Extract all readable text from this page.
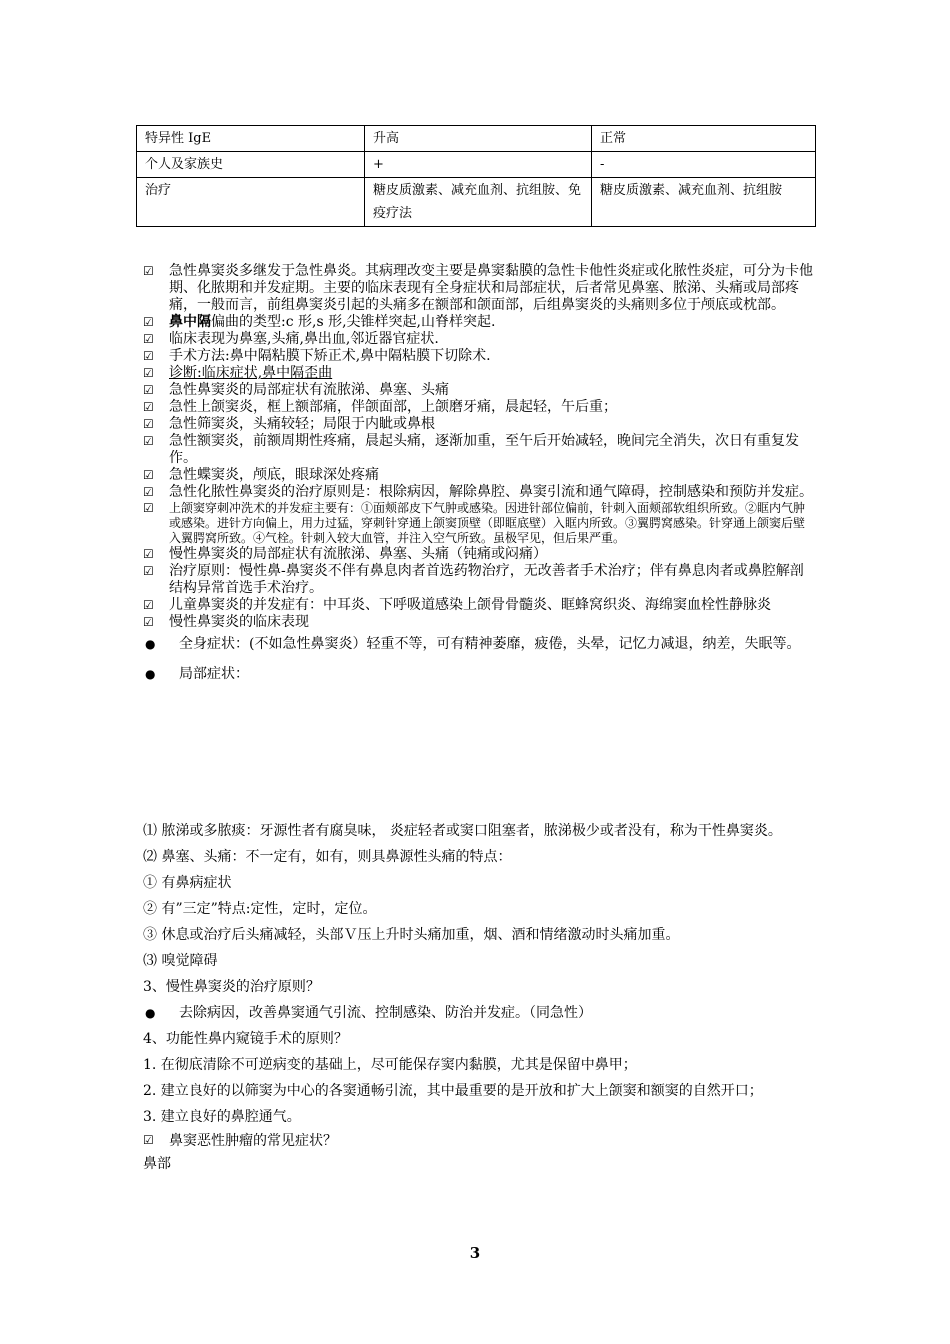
特异性 IgE	升高	正常
个人及家族史	+	-
治疗	糖皮质激素、减充血剂、抗组胺、免疫疗法	糖皮质激素、减充血剂、抗组胺

☑ 急性鼻窦炎多继发于急性鼻炎。其病理改变主要是鼻窦黏膜的急性卡他性炎症或化脓性炎症，可分为卡他期、化脓期和并发症期。主要的临床表现有全身症状和局部症状，后者常见鼻塞、脓涕、头痛或局部疼痛，一般而言，前组鼻窦炎引起的头痛多在额部和颌面部，后组鼻窦炎的头痛则多位于颅底或枕部。

☑ 鼻中隔偏曲的类型:c 形,s 形,尖锥样突起,山脊样突起.

☑ 临床表现为鼻塞,头痛,鼻出血,邻近器官症状.

☑ 手术方法:鼻中隔粘膜下矫正术,鼻中隔粘膜下切除术.

☑ 诊断:临床症状,鼻中隔歪曲

☑ 急性鼻窦炎的局部症状有流脓涕、鼻塞、头痛

☑ 急性上颌窦炎，框上额部痛，伴颌面部，上颌磨牙痛，晨起轻，午后重；

☑ 急性筛窦炎，头痛较轻；局限于内眦或鼻根

☑ 急性额窦炎，前额周期性疼痛，晨起头痛，逐渐加重，至午后开始减轻，晚间完全消失，次日有重复发作。

☑ 急性蝶窦炎，颅底，眼球深处疼痛

☑ 急性化脓性鼻窦炎的治疗原则是：根除病因，解除鼻腔、鼻窦引流和通气障碍，控制感染和预防并发症。

☑ 上颌窦穿刺冲洗术的并发症主要有：①面颊部皮下气肿或感染。因进针部位偏前，针刺入面颊部软组织所致。②眶内气肿或感染。进针方向偏上，用力过猛，穿刺针穿通上颌窦顶壁（即眶底壁）入眶内所致。③翼腭窝感染。针穿通上颌窦后壁入翼腭窝所致。④气栓。针刺入较大血管，并注入空气所致。虽极罕见，但后果严重。

☑ 慢性鼻窦炎的局部症状有流脓涕、鼻塞、头痛（钝痛或闷痛）

☑ 治疗原则：慢性鼻-鼻窦炎不伴有鼻息肉者首选药物治疗，无改善者手术治疗；伴有鼻息肉者或鼻腔解剖结构异常首选手术治疗。

☑ 儿童鼻窦炎的并发症有：中耳炎、下呼吸道感染上颌骨骨髓炎、眶蜂窝织炎、海绵窦血栓性静脉炎

☑ 慢性鼻窦炎的临床表现

● 全身症状：(不如急性鼻窦炎）轻重不等，可有精神萎靡，疲倦，头晕，记忆力减退，纳差，失眠等。

● 局部症状：

⑴ 脓涕或多脓痰：牙源性者有腐臭味， 炎症轻者或窦口阻塞者，脓涕极少或者没有，称为干性鼻窦炎。

⑵ 鼻塞、头痛：不一定有，如有，则具鼻源性头痛的特点：

① 有鼻病症状

② 有”三定”特点:定性，定时，定位。

③ 休息或治疗后头痛减轻，头部Ｖ压上升时头痛加重，烟、酒和情绪激动时头痛加重。

⑶ 嗅觉障碍

3、慢性鼻窦炎的治疗原则？

● 去除病因，改善鼻窦通气引流、控制感染、防治并发症。（同急性）

4、功能性鼻内窥镜手术的原则？

1. 在彻底清除不可逆病变的基础上，尽可能保存窦内黏膜，尤其是保留中鼻甲；

2. 建立良好的以筛窦为中心的各窦通畅引流，其中最重要的是开放和扩大上颌窦和额窦的自然开口；

3. 建立良好的鼻腔通气。

☑ 鼻窦恶性肿瘤的常见症状？

鼻部

3
